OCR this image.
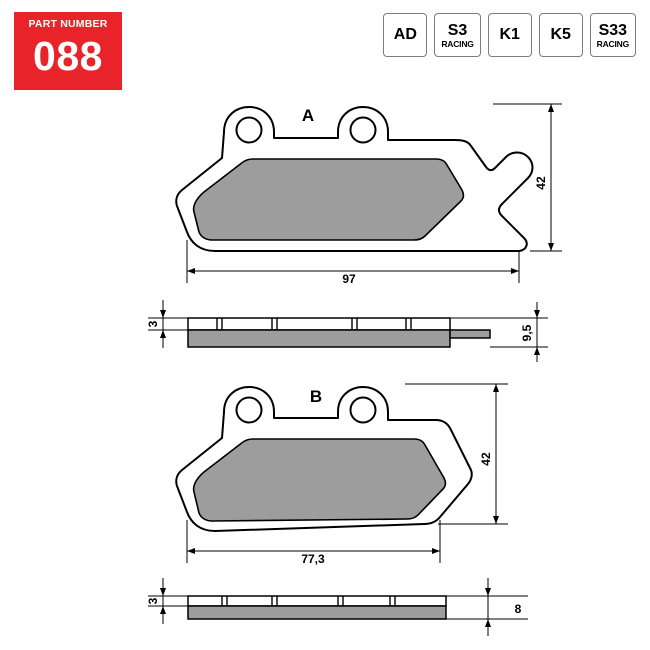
PART NUMBER
088	AD S3
RACING
K1 K5 S33
RACING
A
42
97
3
9,5
B
42
77,3
3
8
